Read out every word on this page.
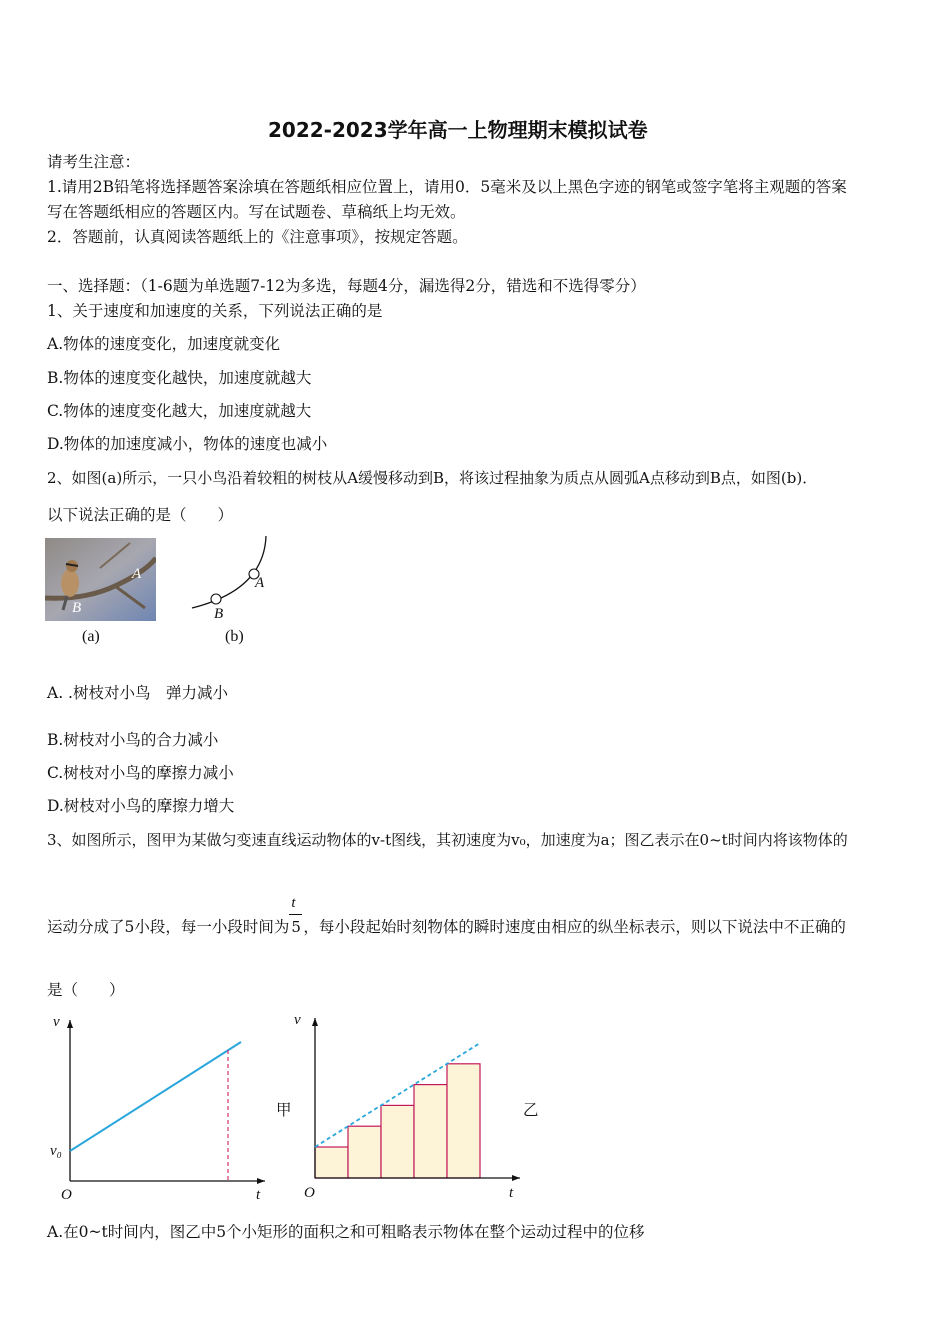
2022-2023学年高一上物理期末模拟试卷
请考生注意：
1.请用2B铅笔将选择题答案涂填在答题纸相应位置上，请用0．5毫米及以上黑色字迹的钢笔或签字笔将主观题的答案
写在答题纸相应的答题区内。写在试题卷、草稿纸上均无效。
2．答题前，认真阅读答题纸上的《注意事项》，按规定答题。
一、选择题：（1-6题为单选题7-12为多选，每题4分，漏选得2分，错选和不选得零分）
1、关于速度和加速度的关系，下列说法正确的是
A.物体的速度变化，加速度就变化
B.物体的速度变化越快，加速度就越大
C.物体的速度变化越大，加速度就越大
D.物体的加速度减小，物体的速度也减小
2、如图(a)所示，一只小鸟沿着较粗的树枝从A缓慢移动到B，将该过程抽象为质点从圆弧A点移动到B点，如图(b)．
以下说法正确的是（　　）
A
B
(a)
A
B
(b)
A. .树枝对小鸟　弹力减小
B.树枝对小鸟的合力减小
C.树枝对小鸟的摩擦力减小
D.树枝对小鸟的摩擦力增大
3、如图所示，图甲为某做匀变速直线运动物体的v-t图线，其初速度为v₀，加速度为a；图乙表示在0~t时间内将该物体的
运动分成了5小段，每一小段时间为 $\frac{t}{5}$ ，每小段起始时刻物体的瞬时速度由相应的纵坐标表示，则以下说法中不正确的
是（　　）
v
v₀
O	t
甲
v
O	t
乙
A.在0~t时间内，图乙中5个小矩形的面积之和可粗略表示物体在整个运动过程中的位移
